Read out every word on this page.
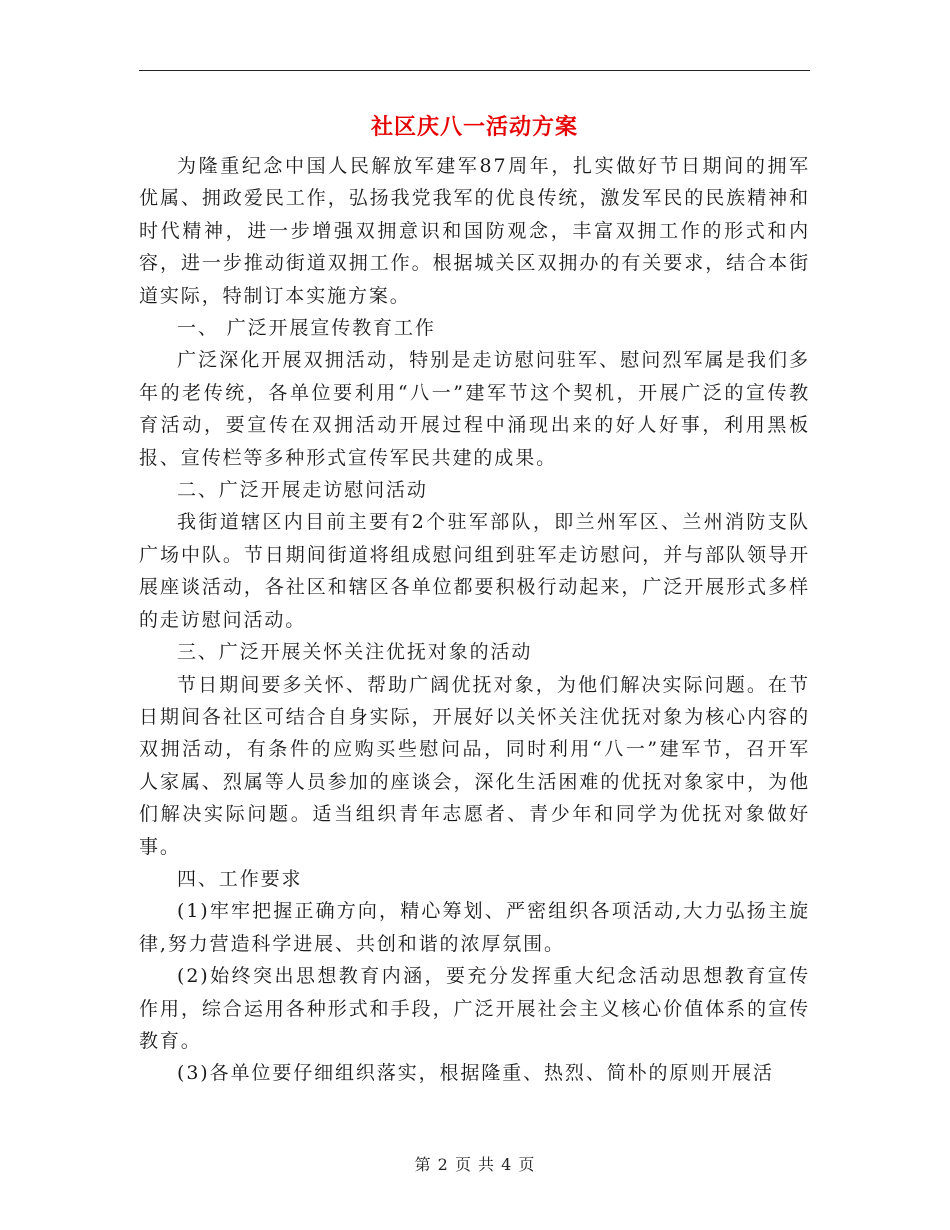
社区庆八一活动方案

为隆重纪念中国人民解放军建军87周年，扎实做好节日期间的拥军优属、拥政爱民工作，弘扬我党我军的优良传统，激发军民的民族精神和时代精神，进一步增强双拥意识和国防观念，丰富双拥工作的形式和内容，进一步推动街道双拥工作。根据城关区双拥办的有关要求，结合本街道实际，特制订本实施方案。

一、 广泛开展宣传教育工作

广泛深化开展双拥活动，特别是走访慰问驻军、慰问烈军属是我们多年的老传统，各单位要利用“八一”建军节这个契机，开展广泛的宣传教育活动，要宣传在双拥活动开展过程中涌现出来的好人好事，利用黑板报、宣传栏等多种形式宣传军民共建的成果。

二、广泛开展走访慰问活动

我街道辖区内目前主要有2个驻军部队，即兰州军区、兰州消防支队广场中队。节日期间街道将组成慰问组到驻军走访慰问，并与部队领导开展座谈活动，各社区和辖区各单位都要积极行动起来，广泛开展形式多样的走访慰问活动。

三、广泛开展关怀关注优抚对象的活动

节日期间要多关怀、帮助广阔优抚对象，为他们解决实际问题。在节日期间各社区可结合自身实际，开展好以关怀关注优抚对象为核心内容的双拥活动，有条件的应购买些慰问品，同时利用“八一”建军节，召开军人家属、烈属等人员参加的座谈会，深化生活困难的优抚对象家中，为他们解决实际问题。适当组织青年志愿者、青少年和同学为优抚对象做好事。

四、工作要求

(1)牢牢把握正确方向，精心筹划、严密组织各项活动,大力弘扬主旋律,努力营造科学进展、共创和谐的浓厚氛围。

(2)始终突出思想教育内涵，要充分发挥重大纪念活动思想教育宣传作用，综合运用各种形式和手段，广泛开展社会主义核心价值体系的宣传教育。

(3)各单位要仔细组织落实，根据隆重、热烈、简朴的原则开展活

第 2 页 共 4 页
